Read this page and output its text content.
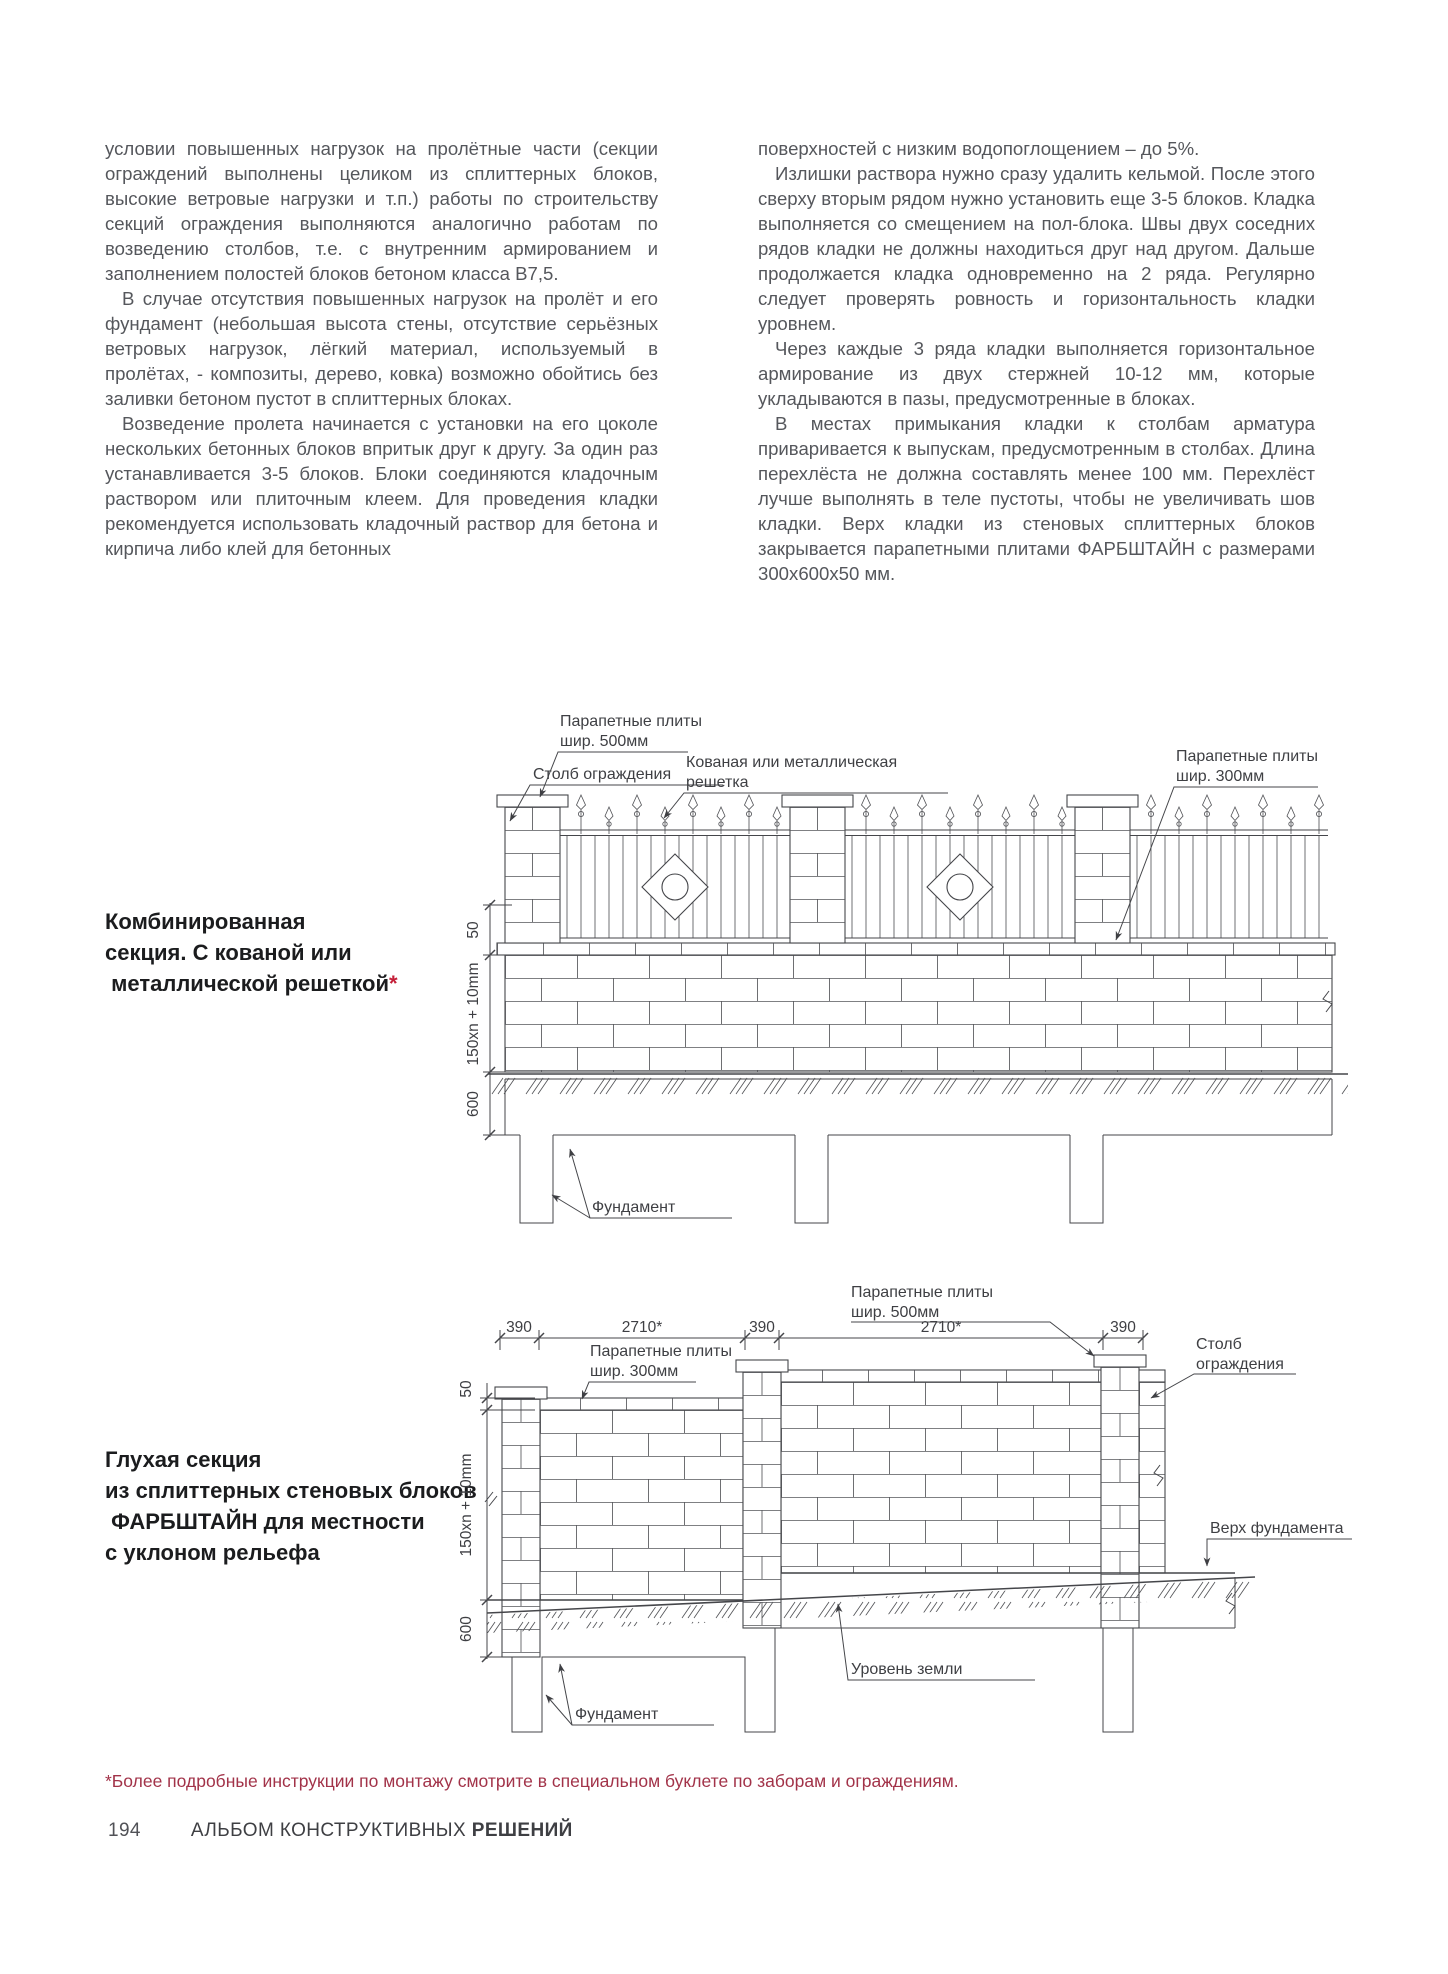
условии повышенных нагрузок на пролётные части (секции ограждений выполнены целиком из сплиттерных блоков, высокие ветровые нагрузки и т.п.) работы по строительству секций ограждения выполняются аналогично работам по возведению столбов, т.е. с внутренним армированием и заполнением полостей блоков бетоном класса В7,5.

В случае отсутствия повышенных нагрузок на пролёт и его фундамент (небольшая высота стены, отсутствие серьёзных ветровых нагрузок, лёгкий материал, используемый в пролётах, - композиты, дерево, ковка) возможно обойтись без заливки бетоном пустот в сплиттерных блоках.

Возведение пролета начинается с установки на его цоколе нескольких бетонных блоков впритык друг к другу. За один раз устанавливается 3-5 блоков. Блоки соединяются кладочным раствором или плиточным клеем. Для проведения кладки рекомендуется использовать кладочный раствор для бетона и кирпича либо клей для бетонных

поверхностей с низким водопоглощением – до 5%.

Излишки раствора нужно сразу удалить кельмой. После этого сверху вторым рядом нужно установить еще 3-5 блоков. Кладка выполняется со смещением на пол-блока. Швы двух соседних рядов кладки не должны находиться друг над другом. Дальше продолжается кладка одновременно на 2 ряда. Регулярно следует проверять ровность и горизонтальность кладки уровнем.

Через каждые 3 ряда кладки выполняется горизонтальное армирование из двух стержней 10-12 мм, которые укладываются в пазы, предусмотренные в блоках.

В местах примыкания кладки к столбам арматура приваривается к выпускам, предусмотренным в столбах. Длина перехлёста не должна составлять менее 100 мм. Перехлёст лучше выполнять в теле пустоты, чтобы не увеличивать шов кладки. Верх кладки из стеновых сплиттерных блоков закрывается парапетными плитами ФАРБШТАЙН с размерами 300х600х50 мм.

Комбинированная
секция. С кованой или
металлической решеткой*
Глухая секция
из сплиттерных стеновых блоков
ФАРБШТАЙН для местности
с уклоном рельефа
50
150xn + 10mm
600
Парапетные плиты
шир. 500мм
Столб ограждения
Кованая или металлическая
решетка
Парапетные плиты
шир. 300мм
Фундамент
390	2710*	390	2710*	390
50
150xn + 10mm
600
Парапетные плиты
шир. 500мм
Парапетные плиты
шир. 300мм
Столб
ограждения
Верх фундамента
Уровень земли
Фундамент
*Более подробные инструкции по монтажу смотрите в специальном буклете по заборам и ограждениям.
194	АЛЬБОМ КОНСТРУКТИВНЫХ РЕШЕНИЙ
